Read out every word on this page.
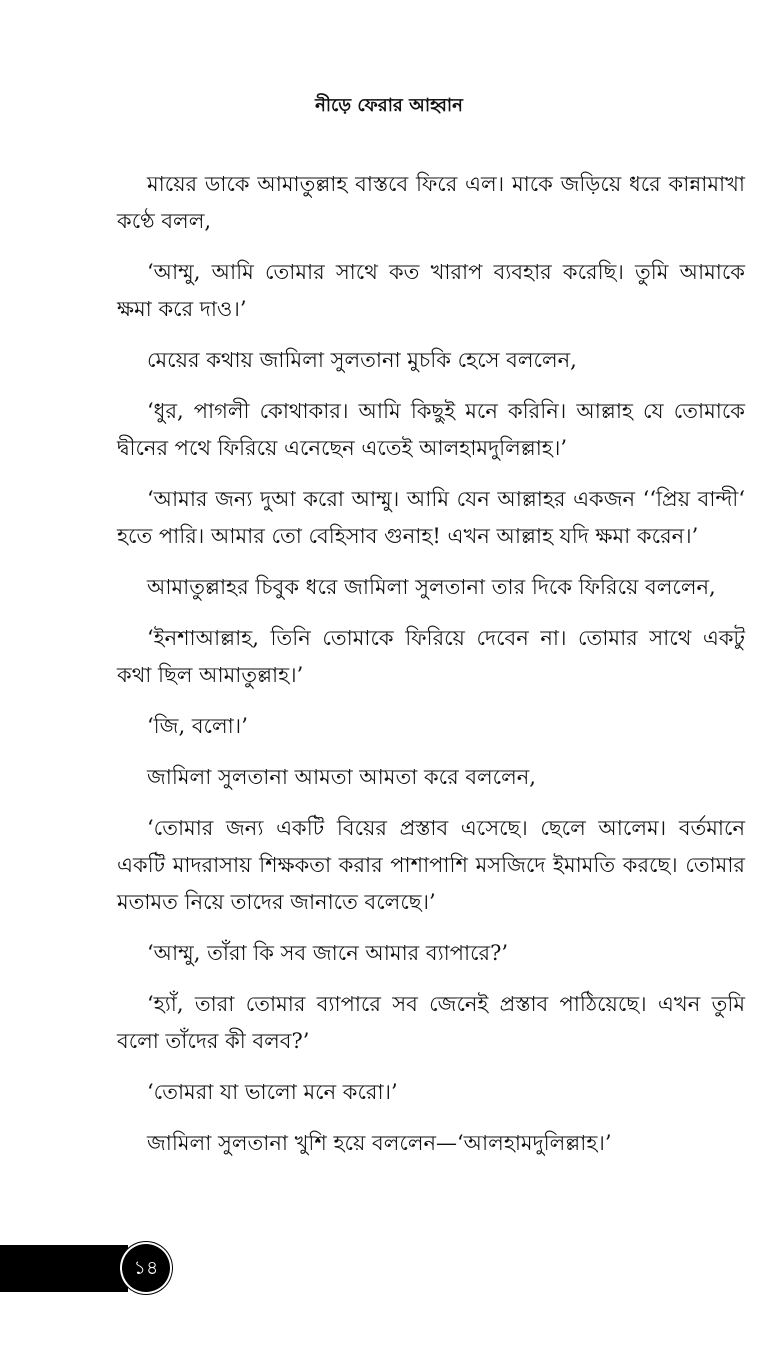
নীড়ে ফেরার আহ্বান

মায়ের ডাকে আমাতুল্লাহ বাস্তবে ফিরে এল। মাকে জড়িয়ে ধরে কান্নামাখা কণ্ঠে বলল,

‘আম্মু, আমি তোমার সাথে কত খারাপ ব্যবহার করেছি। তুমি আমাকে ক্ষমা করে দাও।’

মেয়ের কথায় জামিলা সুলতানা মুচকি হেসে বললেন,

‘ধুর, পাগলী কোথাকার। আমি কিছুই মনে করিনি। আল্লাহ যে তোমাকে দ্বীনের পথে ফিরিয়ে এনেছেন এতেই আলহামদুলিল্লাহ।’

‘আমার জন্য দুআ করো আম্মু। আমি যেন আল্লাহর একজন ‘‘প্রিয় বান্দী‘ হতে পারি। আমার তো বেহিসাব গুনাহ! এখন আল্লাহ যদি ক্ষমা করেন।’

আমাতুল্লাহর চিবুক ধরে জামিলা সুলতানা তার দিকে ফিরিয়ে বললেন,

‘ইনশাআল্লাহ, তিনি তোমাকে ফিরিয়ে দেবেন না। তোমার সাথে একটু কথা ছিল আমাতুল্লাহ।’

‘জি, বলো।’

জামিলা সুলতানা আমতা আমতা করে বললেন,

‘তোমার জন্য একটি বিয়ের প্রস্তাব এসেছে। ছেলে আলেম। বর্তমানে একটি মাদরাসায় শিক্ষকতা করার পাশাপাশি মসজিদে ইমামতি করছে। তোমার মতামত নিয়ে তাদের জানাতে বলেছে।’

‘আম্মু, তাঁরা কি সব জানে আমার ব্যাপারে?’

‘হ্যাঁ, তারা তোমার ব্যাপারে সব জেনেই প্রস্তাব পাঠিয়েছে। এখন তুমি বলো তাঁদের কী বলব?’

‘তোমরা যা ভালো মনে করো।’

জামিলা সুলতানা খুশি হয়ে বললেন—‘আলহামদুলিল্লাহ।’

১৪
